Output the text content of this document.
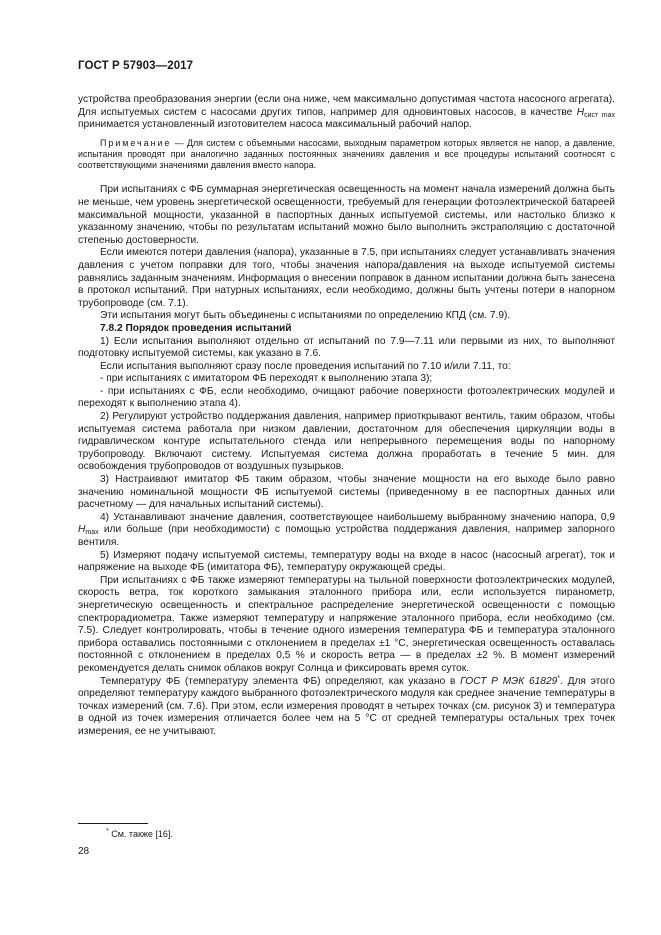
ГОСТ Р 57903—2017

устройства преобразования энергии (если она ниже, чем максимально допустимая частота насосного агрегата). Для испытуемых систем с насосами других типов, например для одновинтовых насосов, в качестве $H_{сист max}$ принимается установленный изготовителем насоса максимальный рабочий напор.

Примечание — Для систем с объемными насосами, выходным параметром которых является не напор, а давление, испытания проводят при аналогично заданных постоянных значениях давления и все процедуры испытаний соотносят с соответствующими значениями давления вместо напора.

При испытаниях с ФБ суммарная энергетическая освещенность на момент начала измерений должна быть не меньше, чем уровень энергетической освещенности, требуемый для генерации фотоэлектрической батареей максимальной мощности, указанной в паспортных данных испытуемой системы, или настолько близко к указанному значению, чтобы по результатам испытаний можно было выполнить экстраполяцию с достаточной степенью достоверности.

Если имеются потери давления (напора), указанные в 7.5, при испытаниях следует устанавливать значения давления с учетом поправки для того, чтобы значения напора/давления на выходе испытуемой системы равнялись заданным значениям. Информация о внесении поправок в данном испытании должна быть занесена в протокол испытаний. При натурных испытаниях, если необходимо, должны быть учтены потери в напорном трубопроводе (см. 7.1).

Эти испытания могут быть объединены с испытаниями по определению КПД (см. 7.9).

7.8.2 Порядок проведения испытаний

1) Если испытания выполняют отдельно от испытаний по 7.9—7.11 или первыми из них, то выполняют подготовку испытуемой системы, как указано в 7.6.

Если испытания выполняют сразу после проведения испытаний по 7.10 и/или 7.11, то:

- при испытаниях с имитатором ФБ переходят к выполнению этапа 3);

- при испытаниях с ФБ, если необходимо, очищают рабочие поверхности фотоэлектрических модулей и переходят к выполнению этапа 4).

2) Регулируют устройство поддержания давления, например приоткрывают вентиль, таким образом, чтобы испытуемая система работала при низком давлении, достаточном для обеспечения циркуляции воды в гидравлическом контуре испытательного стенда или непрерывного перемещения воды по напорному трубопроводу. Включают систему. Испытуемая система должна проработать в течение 5 мин. для освобождения трубопроводов от воздушных пузырьков.

3) Настраивают имитатор ФБ таким образом, чтобы значение мощности на его выходе было равно значению номинальной мощности ФБ испытуемой системы (приведенному в ее паспортных данных или расчетному — для начальных испытаний системы).

4) Устанавливают значение давления, соответствующее наибольшему выбранному значению напора, 0,9 $H_{max}$ или больше (при необходимости) с помощью устройства поддержания давления, например запорного вентиля.

5) Измеряют подачу испытуемой системы, температуру воды на входе в насос (насосный агрегат), ток и напряжение на выходе ФБ (имитатора ФБ), температуру окружающей среды.

При испытаниях с ФБ также измеряют температуры на тыльной поверхности фотоэлектрических модулей, скорость ветра, ток короткого замыкания эталонного прибора или, если используется пиранометр, энергетическую освещенность и спектральное распределение энергетической освещенности с помощью спектрорадиометра. Также измеряют температуру и напряжение эталонного прибора, если необходимо (см. 7.5). Следует контролировать, чтобы в течение одного измерения температура ФБ и температура эталонного прибора оставались постоянными с отклонением в пределах ±1 °С, энергетическая освещенность оставалась постоянной с отклонением в пределах 0,5 % и скорость ветра — в пределах ±2 %. В момент измерений рекомендуется делать снимок облаков вокруг Солнца и фиксировать время суток.

Температуру ФБ (температуру элемента ФБ) определяют, как указано в ГОСТ Р МЭК 61829*. Для этого определяют температуру каждого выбранного фотоэлектрического модуля как среднее значение температуры в точках измерений (см. 7.6). При этом, если измерения проводят в четырех точках (см. рисунок 3) и температура в одной из точек измерения отличается более чем на 5 °С от средней температуры остальных трех точек измерения, ее не учитывают.

* См. также [16].
28
